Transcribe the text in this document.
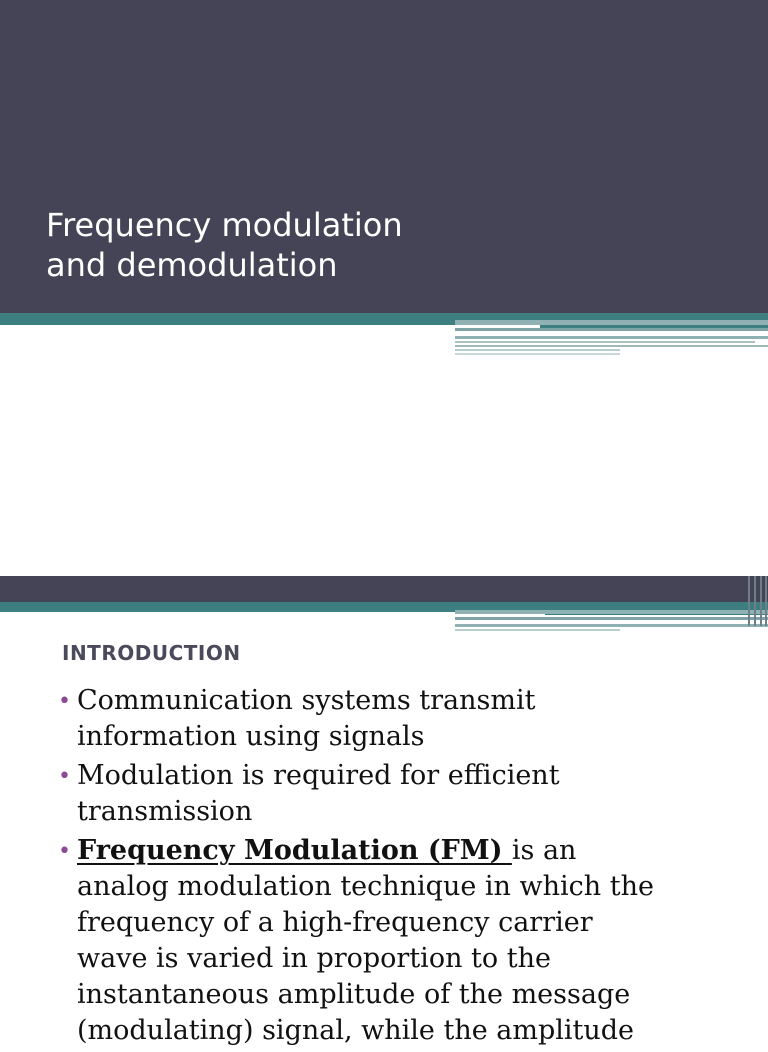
Frequency modulation
and demodulation
INTRODUCTION
• Communication systems transmit
information using signals
• Modulation is required for efficient
transmission
• Frequency Modulation (FM) is an
analog modulation technique in which the
frequency of a high-frequency carrier
wave is varied in proportion to the
instantaneous amplitude of the message
(modulating) signal, while the amplitude
